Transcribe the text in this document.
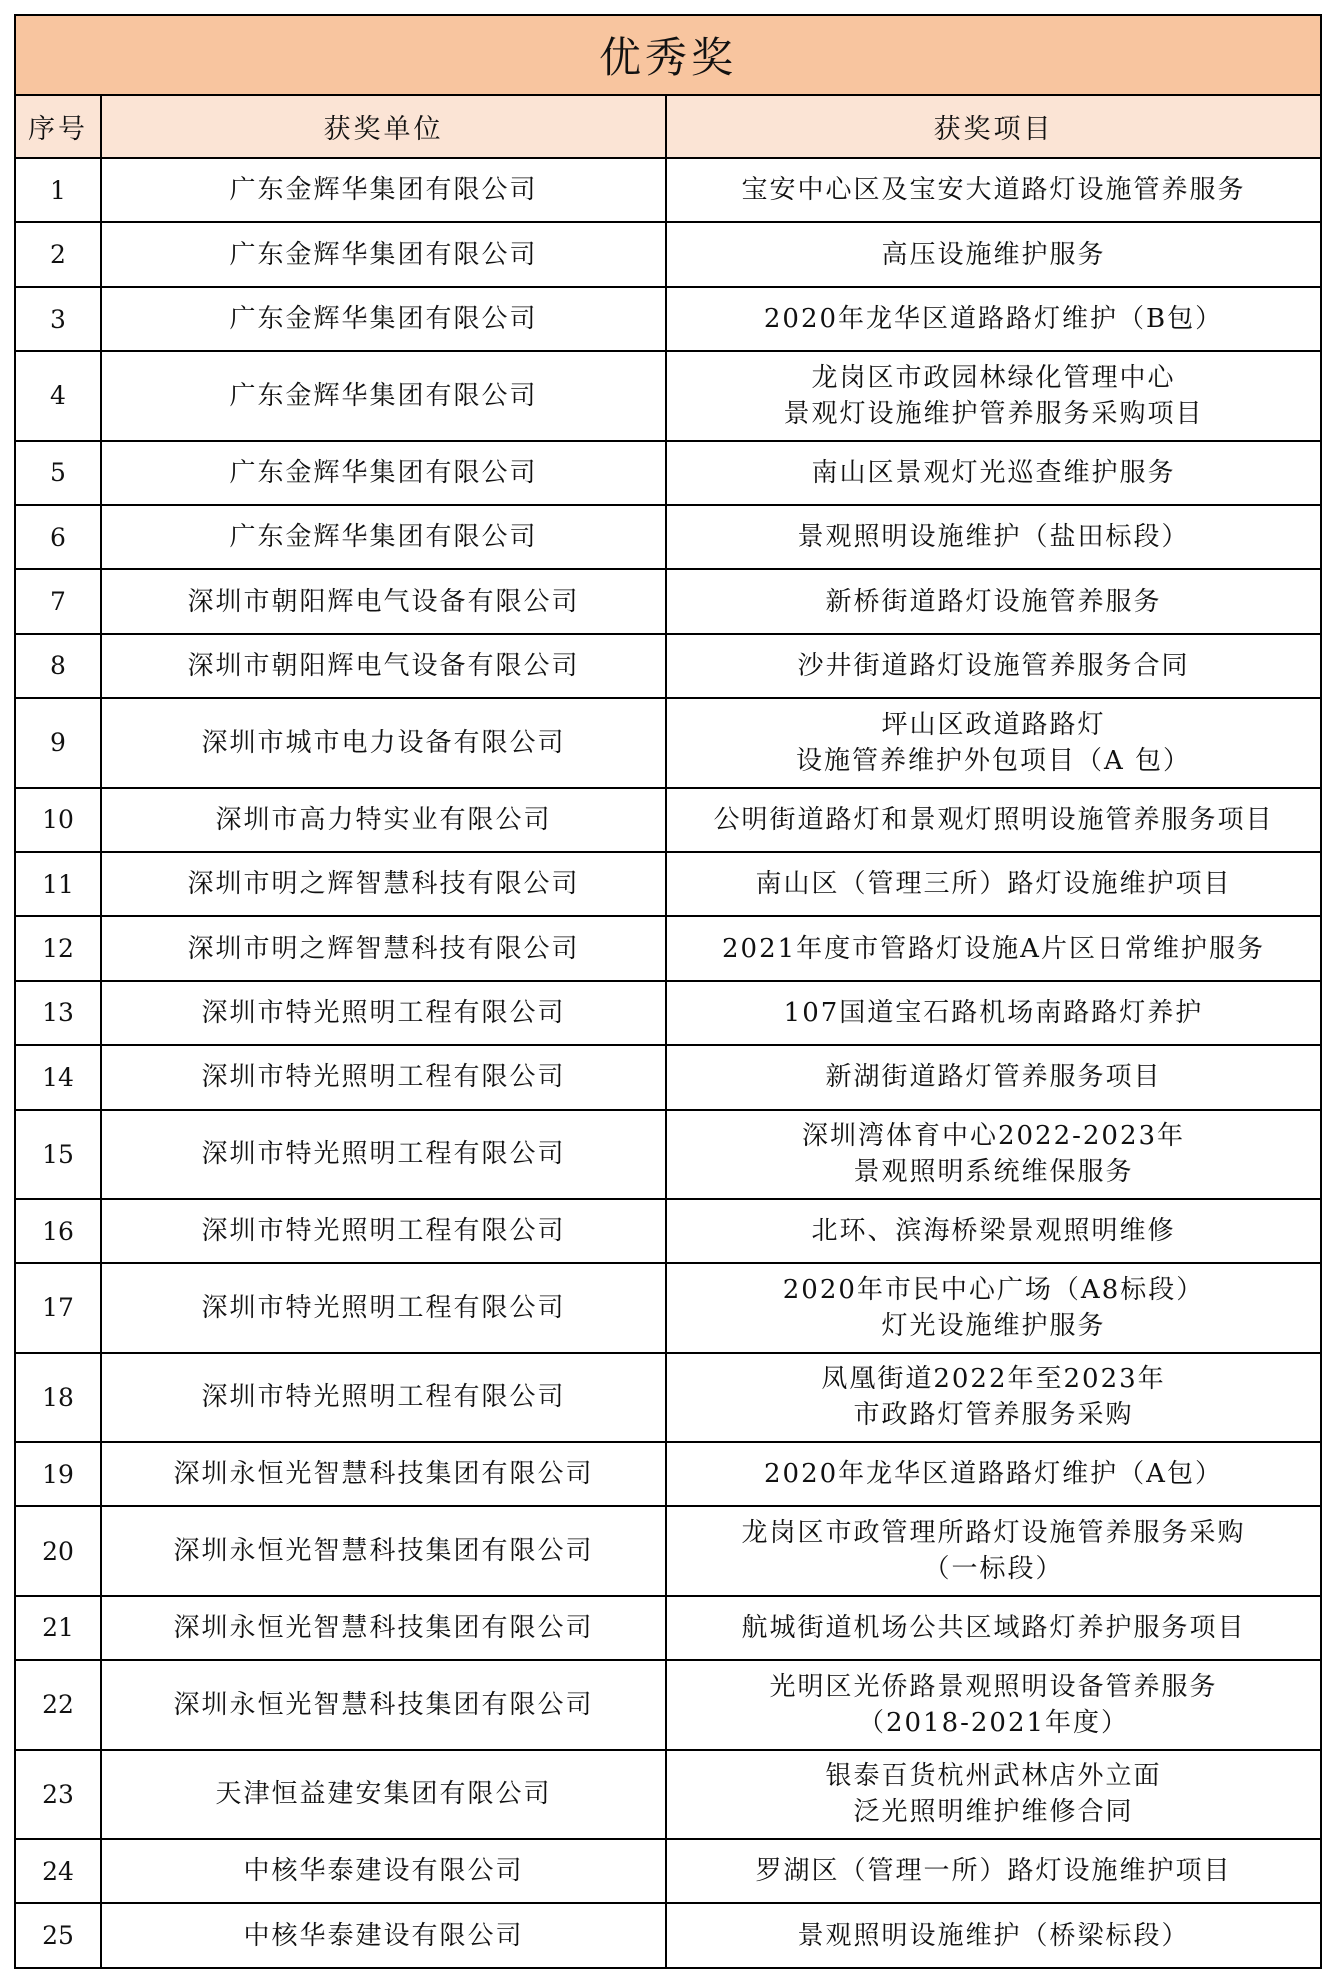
优秀奖		
序号	获奖单位	获奖项目
1	广东金辉华集团有限公司	宝安中心区及宝安大道路灯设施管养服务

2	广东金辉华集团有限公司	高压设施维护服务

3	广东金辉华集团有限公司	2020年龙华区道路路灯维护（B包）

4	广东金辉华集团有限公司	龙岗区市政园林绿化管理中心
景观灯设施维护管养服务采购项目

5	广东金辉华集团有限公司	南山区景观灯光巡查维护服务

6	广东金辉华集团有限公司	景观照明设施维护（盐田标段）

7	深圳市朝阳辉电气设备有限公司	新桥街道路灯设施管养服务

8	深圳市朝阳辉电气设备有限公司	沙井街道路灯设施管养服务合同

9	深圳市城市电力设备有限公司	坪山区政道路路灯
设施管养维护外包项目（A 包）

10	深圳市高力特实业有限公司	公明街道路灯和景观灯照明设施管养服务项目

11	深圳市明之辉智慧科技有限公司	南山区（管理三所）路灯设施维护项目

12	深圳市明之辉智慧科技有限公司	2021年度市管路灯设施A片区日常维护服务

13	深圳市特光照明工程有限公司	107国道宝石路机场南路路灯养护

14	深圳市特光照明工程有限公司	新湖街道路灯管养服务项目

15	深圳市特光照明工程有限公司	深圳湾体育中心2022-2023年
景观照明系统维保服务

16	深圳市特光照明工程有限公司	北环、滨海桥梁景观照明维修

17	深圳市特光照明工程有限公司	2020年市民中心广场（A8标段）
灯光设施维护服务

18	深圳市特光照明工程有限公司	凤凰街道2022年至2023年
市政路灯管养服务采购

19	深圳永恒光智慧科技集团有限公司	2020年龙华区道路路灯维护（A包）

20	深圳永恒光智慧科技集团有限公司	龙岗区市政管理所路灯设施管养服务采购
（一标段）

21	深圳永恒光智慧科技集团有限公司	航城街道机场公共区域路灯养护服务项目

22	深圳永恒光智慧科技集团有限公司	光明区光侨路景观照明设备管养服务
（2018-2021年度）

23	天津恒益建安集团有限公司	银泰百货杭州武林店外立面
泛光照明维护维修合同

24	中核华泰建设有限公司	罗湖区（管理一所）路灯设施维护项目

25	中核华泰建设有限公司	景观照明设施维护（桥梁标段）
